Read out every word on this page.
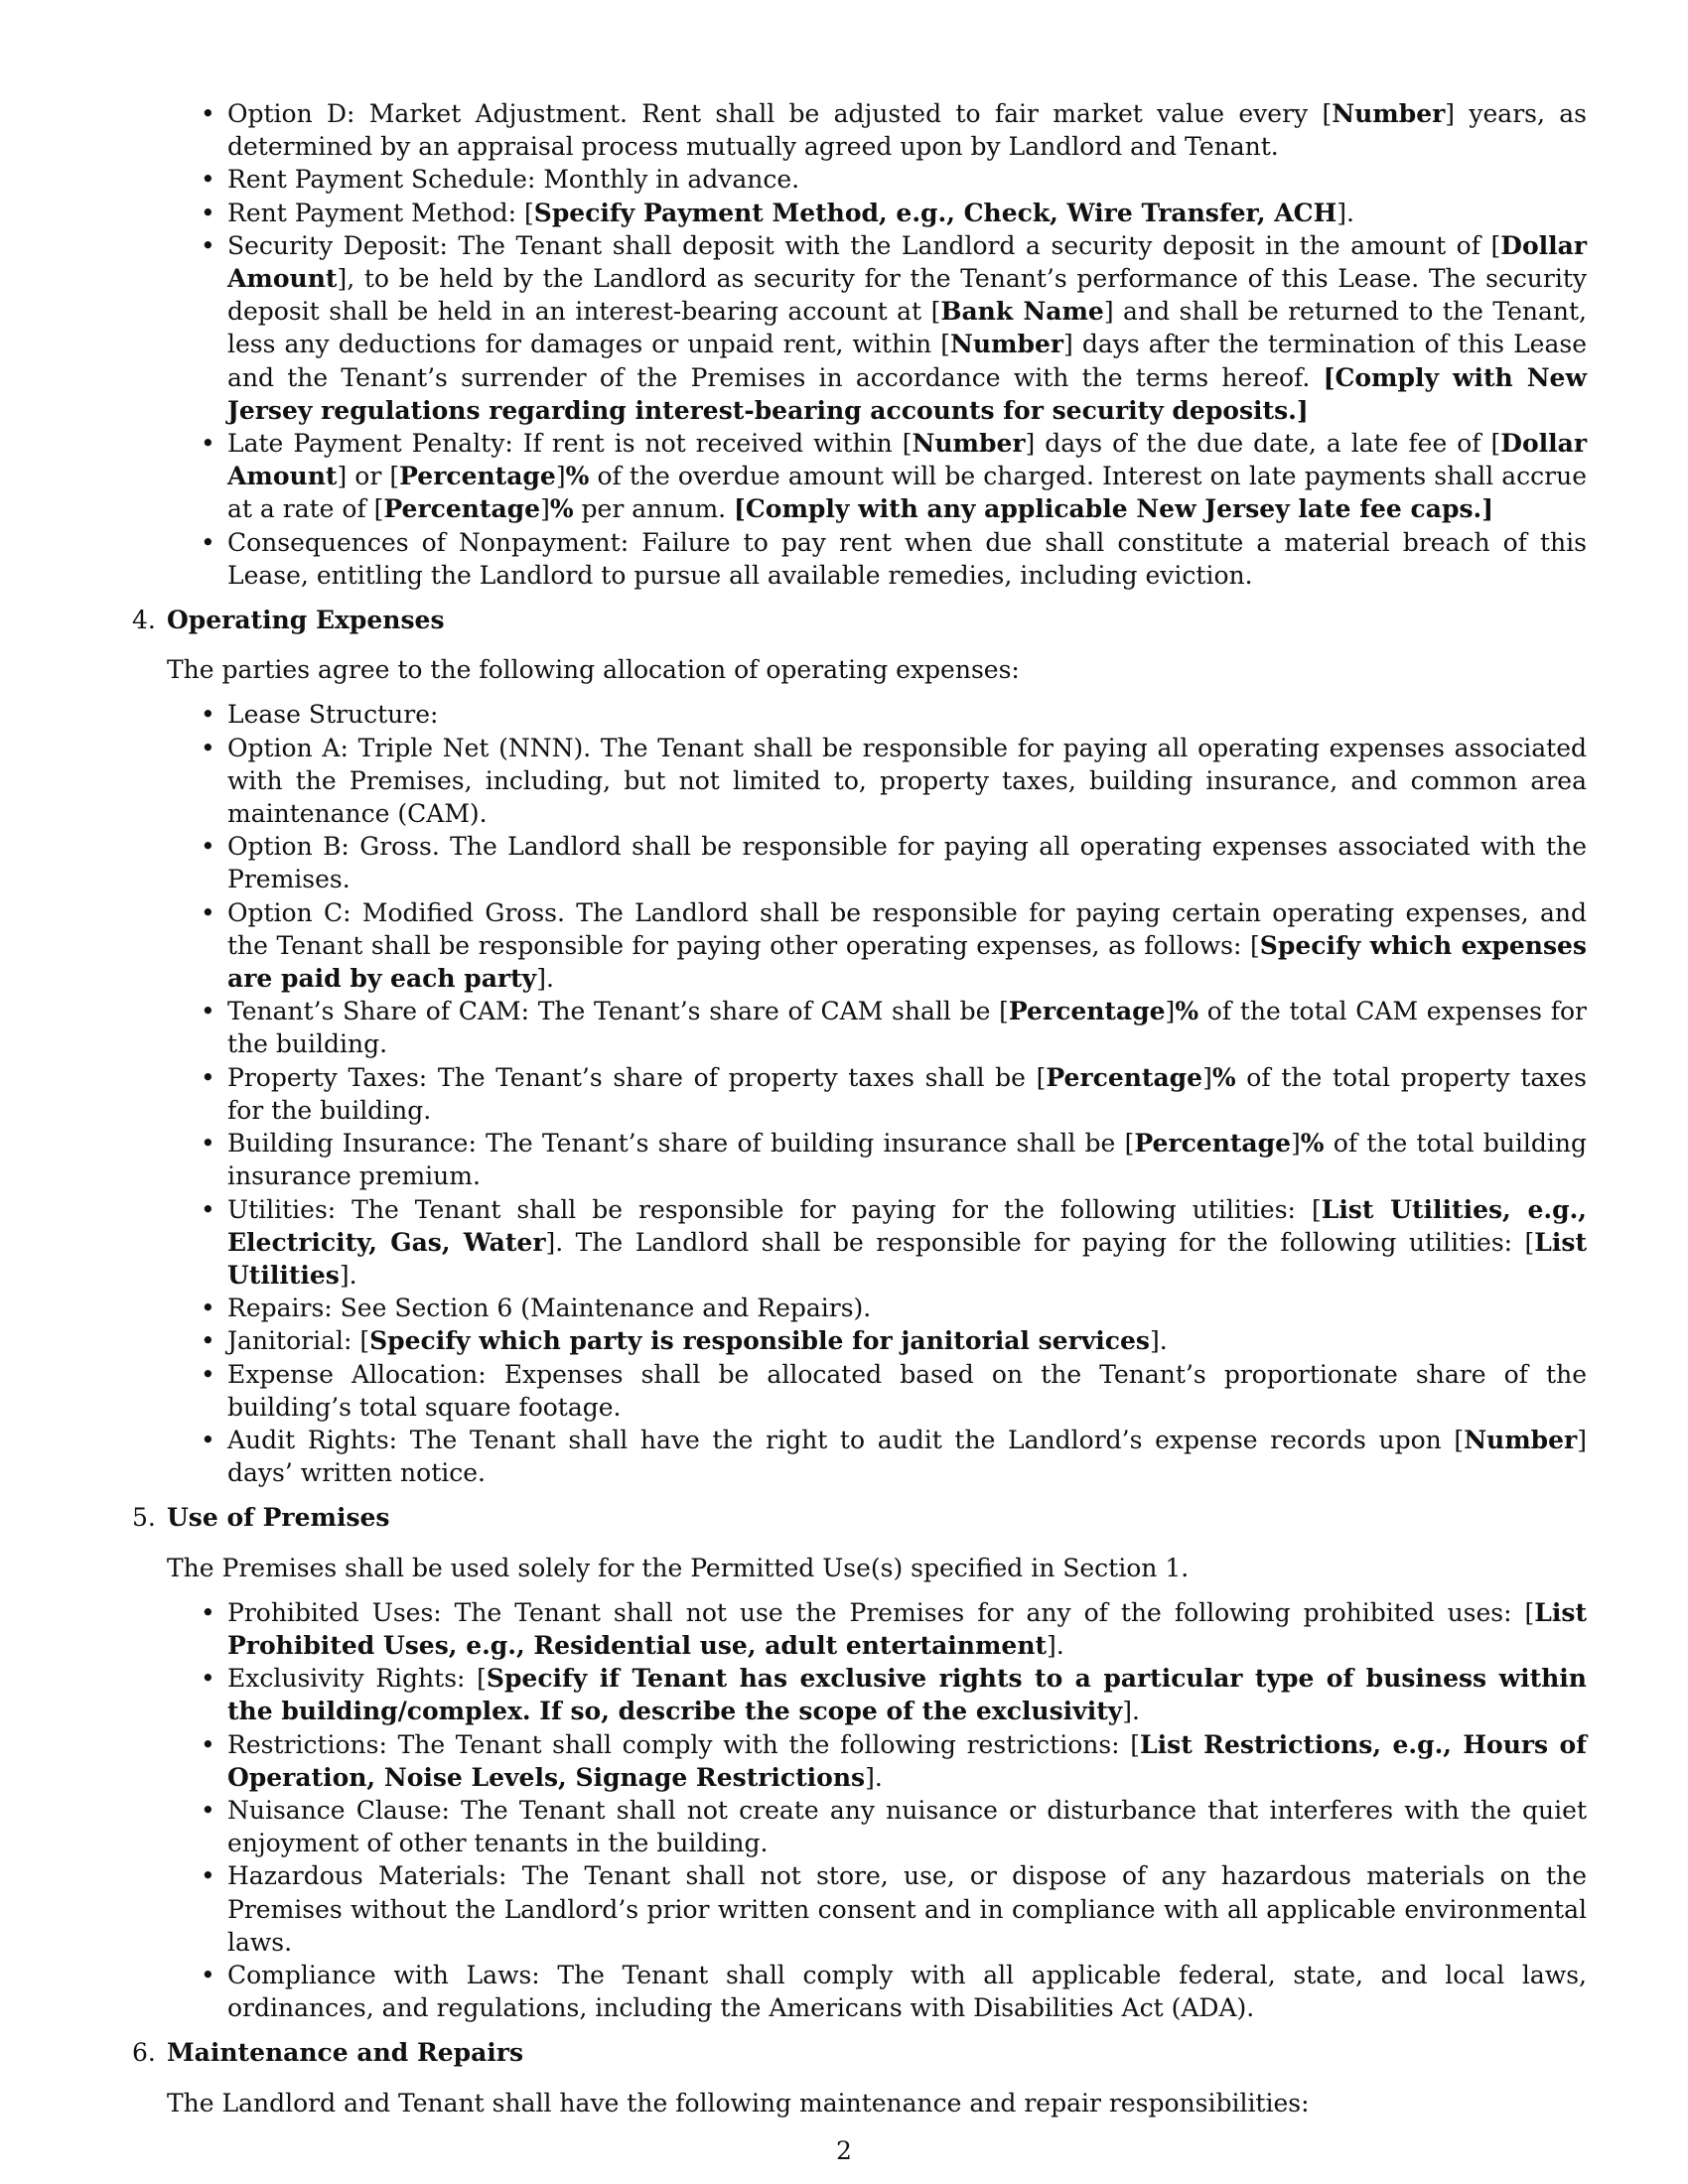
• Option D: Market Adjustment. Rent shall be adjusted to fair market value every [Number] years, as determined by an appraisal process mutually agreed upon by Landlord and Tenant.
• Rent Payment Schedule: Monthly in advance.
• Rent Payment Method: [Specify Payment Method, e.g., Check, Wire Transfer, ACH].
• Security Deposit: The Tenant shall deposit with the Landlord a security deposit in the amount of [Dollar Amount], to be held by the Landlord as security for the Tenant’s performance of this Lease. The security deposit shall be held in an interest-bearing account at [Bank Name] and shall be returned to the Tenant, less any deductions for damages or unpaid rent, within [Number] days after the termination of this Lease and the Tenant’s surrender of the Premises in accordance with the terms hereof. [Comply with New Jersey regulations regarding interest-bearing accounts for security deposits.]
• Late Payment Penalty: If rent is not received within [Number] days of the due date, a late fee of [Dollar Amount] or [Percentage]% of the overdue amount will be charged. Interest on late payments shall accrue at a rate of [Percentage]% per annum. [Comply with any applicable New Jersey late fee caps.]
• Consequences of Nonpayment: Failure to pay rent when due shall constitute a material breach of this Lease, entitling the Landlord to pursue all available remedies, including eviction.
4. Operating Expenses

The parties agree to the following allocation of operating expenses:

• Lease Structure:
• Option A: Triple Net (NNN). The Tenant shall be responsible for paying all operating expenses associated with the Premises, including, but not limited to, property taxes, building insurance, and common area maintenance (CAM).
• Option B: Gross. The Landlord shall be responsible for paying all operating expenses associated with the Premises.
• Option C: Modified Gross. The Landlord shall be responsible for paying certain operating expenses, and the Tenant shall be responsible for paying other operating expenses, as follows: [Specify which expenses are paid by each party].
• Tenant’s Share of CAM: The Tenant’s share of CAM shall be [Percentage]% of the total CAM expenses for the building.
• Property Taxes: The Tenant’s share of property taxes shall be [Percentage]% of the total property taxes for the building.
• Building Insurance: The Tenant’s share of building insurance shall be [Percentage]% of the total building insurance premium.
• Utilities: The Tenant shall be responsible for paying for the following utilities: [List Utilities, e.g., Electricity, Gas, Water]. The Landlord shall be responsible for paying for the following utilities: [List Utilities].
• Repairs: See Section 6 (Maintenance and Repairs).
• Janitorial: [Specify which party is responsible for janitorial services].
• Expense Allocation: Expenses shall be allocated based on the Tenant’s proportionate share of the building’s total square footage.
• Audit Rights: The Tenant shall have the right to audit the Landlord’s expense records upon [Number] days’ written notice.
5. Use of Premises

The Premises shall be used solely for the Permitted Use(s) specified in Section 1.

• Prohibited Uses: The Tenant shall not use the Premises for any of the following prohibited uses: [List Prohibited Uses, e.g., Residential use, adult entertainment].
• Exclusivity Rights: [Specify if Tenant has exclusive rights to a particular type of business within the building/complex. If so, describe the scope of the exclusivity].
• Restrictions: The Tenant shall comply with the following restrictions: [List Restrictions, e.g., Hours of Operation, Noise Levels, Signage Restrictions].
• Nuisance Clause: The Tenant shall not create any nuisance or disturbance that interferes with the quiet enjoyment of other tenants in the building.
• Hazardous Materials: The Tenant shall not store, use, or dispose of any hazardous materials on the Premises without the Landlord’s prior written consent and in compliance with all applicable environmental laws.
• Compliance with Laws: The Tenant shall comply with all applicable federal, state, and local laws, ordinances, and regulations, including the Americans with Disabilities Act (ADA).
6. Maintenance and Repairs

The Landlord and Tenant shall have the following maintenance and repair responsibilities:

2
